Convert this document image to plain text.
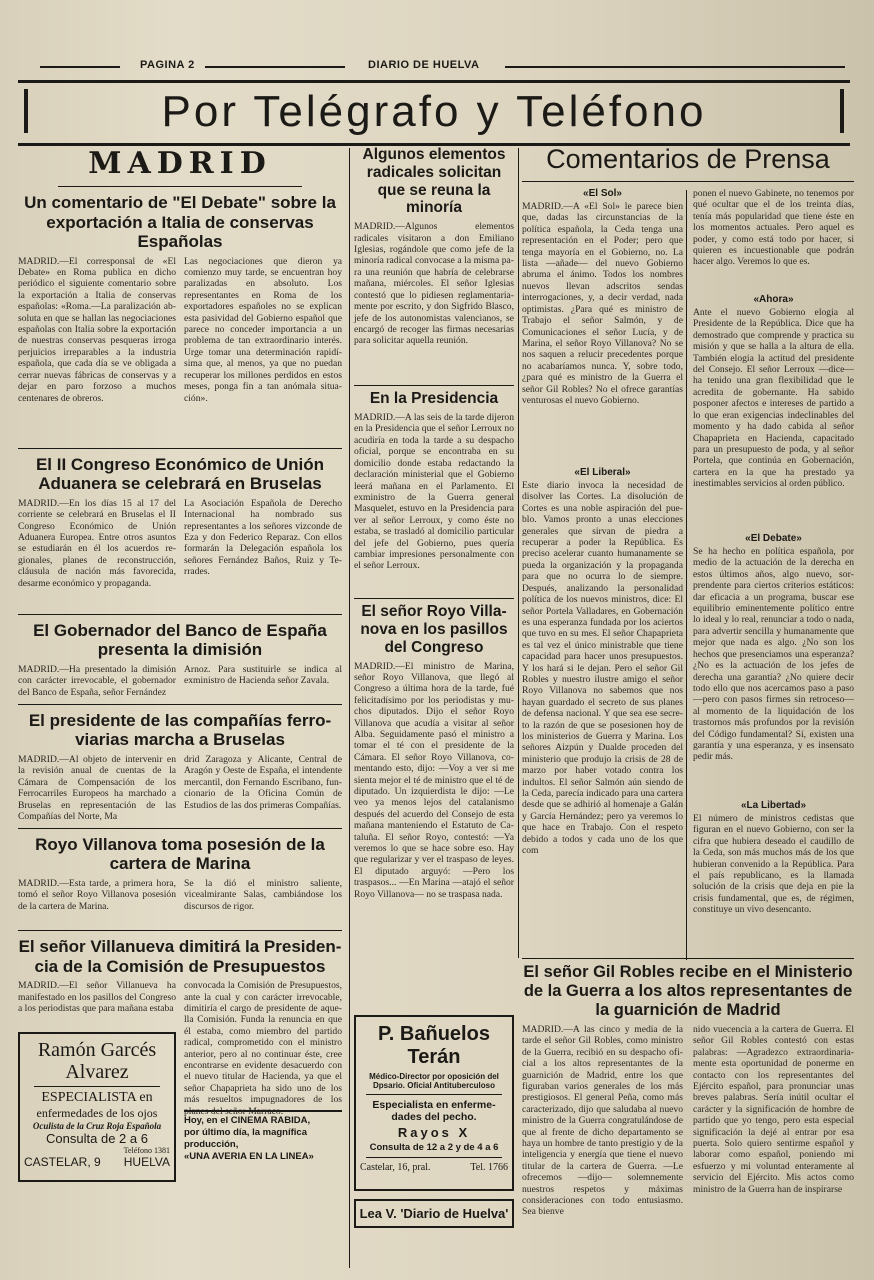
PAGINA 2	DIARIO DE HUELVA
Por Telégrafo y Teléfono
MADRID
Un comentario de "El Debate" sobre la exportación a Italia de conservas Españolas
MADRID.—El corresponsal de «El Debate» en Roma publica en dicho periódico el siguiente comentario sobre la exportación a Italia de conservas españolas: «Roma.—La paralización absoluta en que se hallan las negociaciones españolas con Italia sobre la exportación de nuestras conservas pesqueras irroga perjuicios irreparables a la industria española, que cada día se ve obligada a cerrar nuevas fábricas de conservas y a dejar en paro forzoso a muchos centenares de obreros.
Las negociaciones que dieron ya comienzo muy tarde, se encuentran hoy paralizadas en absoluto. Los representantes en Roma de los exportadores españoles no se explican esta pasividad del Gobierno español que parece no conceder importancia a un problema de tan extraordinario interés. Urge tomar una determinación rapidísima que, al menos, ya que no puedan recuperar los millones perdidos en estos meses, ponga fin a tan anómala situación».
El II Congreso Económico de Unión Aduanera se celebrará en Bruselas
MADRID.—En los días 15 al 17 del corriente se celebrará en Bruselas el II Congreso Económico de Unión Aduanera Europea. Entre otros asuntos se estudiarán en él los acuerdos regionales, planes de reconstrucción, cláusula de nación más favorecida, desarme económico y propaganda.
La Asociación Española de Derecho Internacional ha nombrado sus representantes a los señores vizconde de Eza y don Federico Reparaz. Con ellos formarán la Delegación española los señores Fernández Baños, Ruiz y Terrades.
El Gobernador del Banco de España presenta la dimisión
MADRID.—Ha presentado la dimisión con carácter irrevocable, el gobernador del Banco de España, señor Fernández
Arnoz. Para sustituirle se indica al exministro de Hacienda señor Zavala.
El presidente de las compañías ferroviarias marcha a Bruselas
MADRID.—Al objeto de intervenir en la revisión anual de cuentas de la Cámara de Compensación de los Ferrocarriles Europeos ha marchado a Bruselas en representación de las Compañías del Norte, Ma
drid Zaragoza y Alicante, Central de Aragón y Oeste de España, el intendente mercantil, don Fernando Escribano, funcionario de la Oficina Común de Estudios de las dos primeras Compañías.
Royo Villanova toma posesión de la cartera de Marina
MADRID.—Esta tarde, a primera hora, tomó el señor Royo Villanova posesión de la cartera de Marina.
Se la dió el ministro saliente, vicealmirante Salas, cambiándose los discursos de rigor.
El señor Villanueva dimitirá la Presidencia de la Comisión de Presupuestos
MADRID.—El señor Villanueva ha manifestado en los pasillos del Congreso a los periodistas que para mañana estaba
Ramón Garcés
Alvarez
ESPECIALISTA en
enfermedades de los ojos
Oculista de la Cruz Roja Española
Consulta de 2 a 6
Teléfono 1381
CASTELAR, 9 HUELVA
convocada la Comisión de Presupuestos, ante la cual y con carácter irrevocable, dimitiría el cargo de presidente de aquella Comisión. Funda la renuncia en que él estaba, como miembro del partido radical, comprometido con el ministro anterior, pero al no continuar éste, cree encontrarse en evidente desacuerdo con el nuevo titular de Hacienda, ya que el señor Chapaprieta ha sido uno de los más resueltos impugnadores de los planes del señor Marraco.
Hoy, en el CINEMA RABIDA,
por último día, la magnífica
producción,
«UNA AVERIA EN LA LINEA»
Algunos elementos radicales solicitan que se reuna la minoría
MADRID.—Algunos elementos radicales visitaron a don Emiliano Iglesias, rogándole que como jefe de la minoría radical convocase a la misma para una reunión que habría de celebrarse mañana, miércoles. El señor Iglesias contestó que lo pidiesen reglamentariamente por escrito, y don Sigfrido Blasco, jefe de los autonomistas valencianos, se encargó de recoger las firmas necesarias para solicitar aquella reunión.
En la Presidencia
MADRID.—A las seis de la tarde dijeron en la Presidencia que el señor Lerroux no acudiría en toda la tarde a su despacho oficial, porque se encontraba en su domicilio donde estaba redactando la declaración ministerial que el Gobierno leerá mañana en el Parlamento. El exministro de la Guerra general Masquelet, estuvo en la Presidencia para ver al señor Lerroux, y como éste no estaba, se trasladó al domicilio particular del jefe del Gobierno, pues quería cambiar impresiones personalmente con el señor Lerroux.
El señor Royo Villanova en los pasillos del Congreso
MADRID.—El ministro de Marina, señor Royo Villanova, que llegó al Congreso a última hora de la tarde, fué felicitadísimo por los periodistas y muchos diputados. Dijo el señor Royo Villanova que acudía a visitar al señor Alba. Seguidamente pasó el ministro a tomar el té con el presidente de la Cámara. El señor Royo Villanova, comentando esto, dijo: —Voy a ver si me sienta mejor el té de ministro que el té de diputado. Un izquierdista le dijo: —Le veo ya menos lejos del catalanismo después del acuerdo del Consejo de esta mañana manteniendo el Estatuto de Cataluña. El señor Royo, contestó: —Ya veremos lo que se hace sobre eso. Hay que regularizar y ver el traspaso de leyes. El diputado arguyó: —Pero los traspasos... —En Marina —atajó el señor Royo Villanova— no se traspasa nada.
P. Bañuelos Terán
Médico-Director por oposición del
Dpsario. Oficial Antituberculoso
Especialista en enferme-
dades del pecho.
Rayos X
Consulta de 12 a 2 y de 4 a 6
Castelar, 16, pral.	Tel. 1766
Lea V. 'Diario de Huelva'
Comentarios de Prensa
«El Sol»
MADRID.—A «El Sol» le parece bien que, dadas las circunstancias de la política española, la Ceda tenga una representación en el Poder; pero que tenga mayoría en el Gobierno, no. La lista —añade— del nuevo Gobierno abruma el ánimo. Todos los nombres nuevos llevan adscritos sendas interrogaciones, y, a decir verdad, nada optimistas. ¿Para qué es ministro de Trabajo el señor Salmón, y de Comunicaciones el señor Lucía, y de Marina, el señor Royo Villanova? No se nos saquen a relucir precedentes porque no acabaríamos nunca. Y, sobre todo, ¿para qué es ministro de la Guerra el señor Gil Robles? No el ofrece garantías venturosas el nuevo Gobierno.
«El Liberal»
Este diario invoca la necesidad de disolver las Cortes. La disolución de Cortes es una noble aspiración del pueblo. Vamos pronto a unas elecciones generales que sirvan de piedra a recuperar a poder la República. Es preciso acelerar cuanto humanamente se pueda la organización y la propaganda para que no ocurra lo de siempre. Después, analizando la personalidad política de los nuevos ministros, dice: El señor Portela Valladares, en Gobernación es una esperanza fundada por los aciertos que tuvo en su mes. El señor Chapaprieta es tal vez el único ministrable que tiene capacidad para hacer unos presupuestos. Y los hará si le dejan. Pero el señor Gil Robles y nuestro ilustre amigo el señor Royo Villanova no sabemos que nos hayan guardado el secreto de sus planes de defensa nacional. Y que sea ese secreto la razón de que se posesionen hoy de los ministerios de Guerra y Marina. Los señores Aizpún y Dualde proceden del ministerio que produjo la crisis de 28 de marzo por haber votado contra los indultos. El señor Salmón aún siendo de la Ceda, parecía indicado para una cartera desde que se adhirió al homenaje a Galán y García Hernández; pero ya veremos lo que hace en Trabajo. Con el respeto debido a todos y cada uno de los que com
ponen el nuevo Gabinete, no tenemos por qué ocultar que el de los treinta días, tenía más popularidad que tiene éste en los momentos actuales. Pero aquel es poder, y como está todo por hacer, si quieren es incuestionable que podrán hacer algo. Veremos lo que es.
«Ahora»
Ante el nuevo Gobierno elogia al Presidente de la República. Dice que ha demostrado que comprende y practica su misión y que se halla a la altura de ella. También elogia la actitud del presidente del Consejo. El señor Lerroux —dice— ha tenido una gran flexibilidad que le acredita de gobernante. Ha sabido posponer afectos e intereses de partido a lo que eran exigencias indeclinables del momento y ha dado cabida al señor Chapaprieta en Hacienda, capacitado para un presupuesto de poda, y al señor Portela, que continúa en Gobernación, cartera en la que ha prestado ya inestimables servicios al orden público.
«El Debate»
Se ha hecho en política española, por medio de la actuación de la derecha en estos últimos años, algo nuevo, sorprendente para ciertos criterios estáticos: dar eficacia a un programa, buscar ese equilibrio eminentemente político entre lo ideal y lo real, renunciar a todo o nada, para advertir sencilla y humanamente que mejor que nada es algo. ¿No son los hechos que presenciamos una esperanza? ¿No es la actuación de los jefes de derecha una garantía? ¿No quiere decir todo ello que nos acercamos paso a paso —pero con pasos firmes sin retroceso— al momento de la liquidación de los trastornos más profundos por la revisión del Código fundamental? Sí, existen una garantía y una esperanza, y es insensato pedir más.
«La Libertad»
El número de ministros cedistas que figuran en el nuevo Gobierno, con ser la cifra que hubiera deseado el caudillo de la Ceda, son más muchos más de los que hubieran convenido a la República. Para el país republicano, es la llamada solución de la crisis que deja en pie la crisis fundamental, que es, de régimen, constituye un vivo desencanto.
El señor Gil Robles recibe en el Ministerio de la Guerra a los altos representantes de la guarnición de Madrid
MADRID.—A las cinco y media de la tarde el señor Gil Robles, como ministro de la Guerra, recibió en su despacho oficial a los altos representantes de la guarnición de Madrid, entre los que figuraban varios generales de los más prestigiosos. El general Peña, como más caracterizado, dijo que saludaba al nuevo ministro de la Guerra congratulándose de que al frente de dicho departamento se haya un hombre de tanto prestigio y de la inteligencia y energía que tiene el nuevo titular de la cartera de Guerra. —Le ofrecemos —dijo— solemnemente nuestros respetos y máximas consideraciones con todo entusiasmo. Sea bienve
nido vuecencia a la cartera de Guerra. El señor Gil Robles contestó con estas palabras: —Agradezco extraordinariamente esta oportunidad de ponerme en contacto con los representantes del Ejército español, para pronunciar unas breves palabras. Sería inútil ocultar el carácter y la significación de hombre de partido que yo tengo, pero esta especial significación la dejé al entrar por esa puerta. Solo quiero sentirme español y laborar como español, poniendo mi esfuerzo y mi voluntad enteramente al servicio del Ejército. Mis actos como ministro de la Guerra han de inspirarse
